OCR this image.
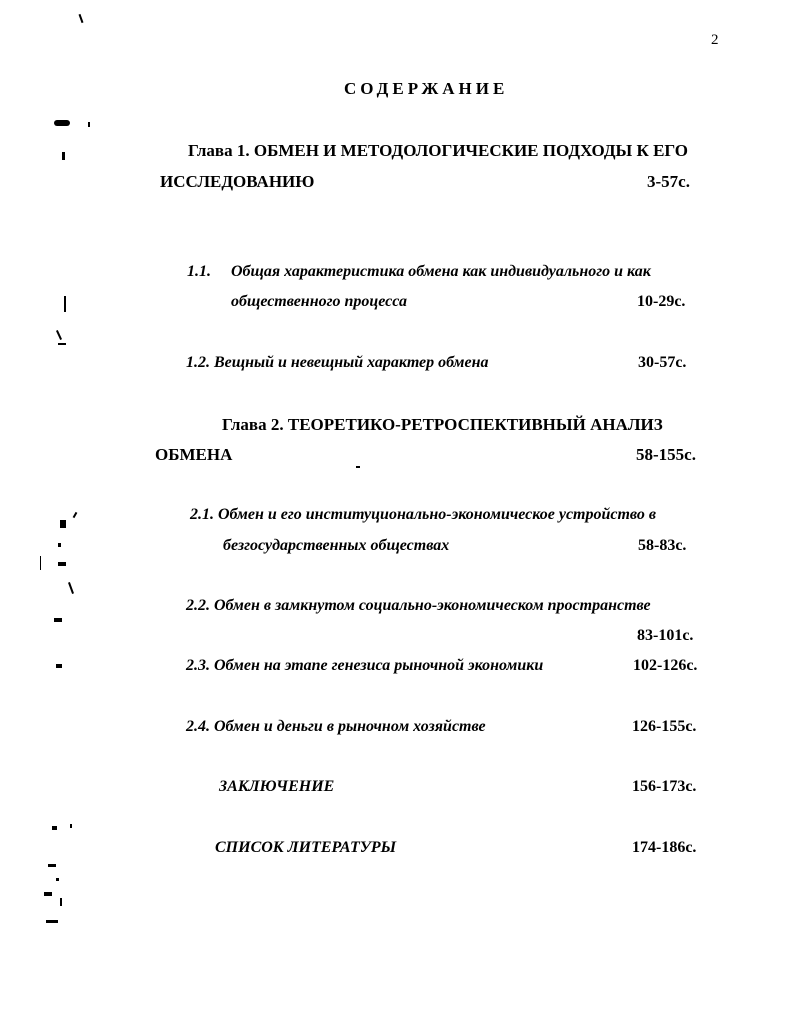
2
СОДЕРЖАНИЕ
Глава 1. ОБМЕН И МЕТОДОЛОГИЧЕСКИЕ ПОДХОДЫ К ЕГО
ИССЛЕДОВАНИЮ	3-57с.
1.1. Общая характеристика обмена как индивидуального и как
общественного процесса	10-29с.
1.2. Вещный и невещный характер обмена	30-57с.
Глава 2. ТЕОРЕТИКО-РЕТРОСПЕКТИВНЫЙ АНАЛИЗ
ОБМЕНА	58-155с.
2.1. Обмен и его институционально-экономическое устройство в
безгосударственных обществах	58-83с.
2.2. Обмен в замкнутом социально-экономическом пространстве
83-101с.
2.3. Обмен на этапе генезиса рыночной экономики	102-126с.
2.4. Обмен и деньги в рыночном хозяйстве	126-155с.
ЗАКЛЮЧЕНИЕ	156-173с.
СПИСОК ЛИТЕРАТУРЫ	174-186с.
